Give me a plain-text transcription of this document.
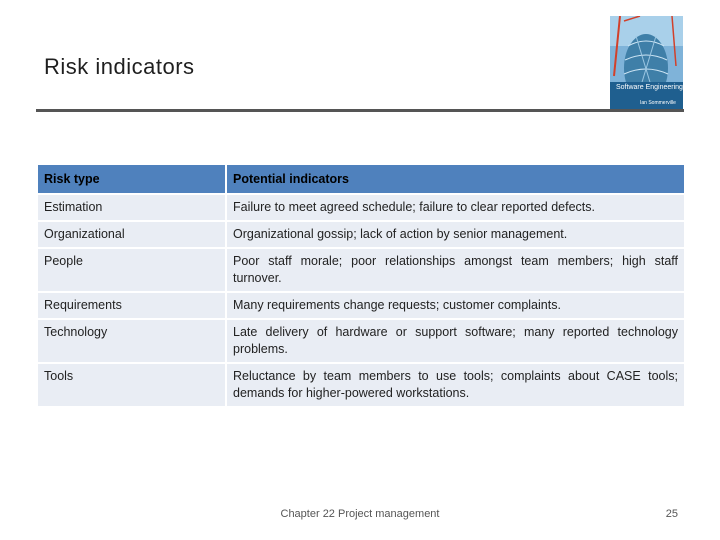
Risk indicators
Software Engineering
Ian Sommerville
Risk type	Potential indicators
Estimation	Failure to meet agreed schedule; failure to clear reported defects.
Organizational	Organizational gossip; lack of action by senior management.
People	Poor staff morale; poor relationships amongst team members; high staff turnover.
Requirements	Many requirements change requests; customer complaints.
Technology	Late delivery of hardware or support software; many reported technology problems.
Tools	Reluctance by team members to use tools; complaints about CASE tools; demands for higher-powered workstations.
Chapter 22 Project management	25
